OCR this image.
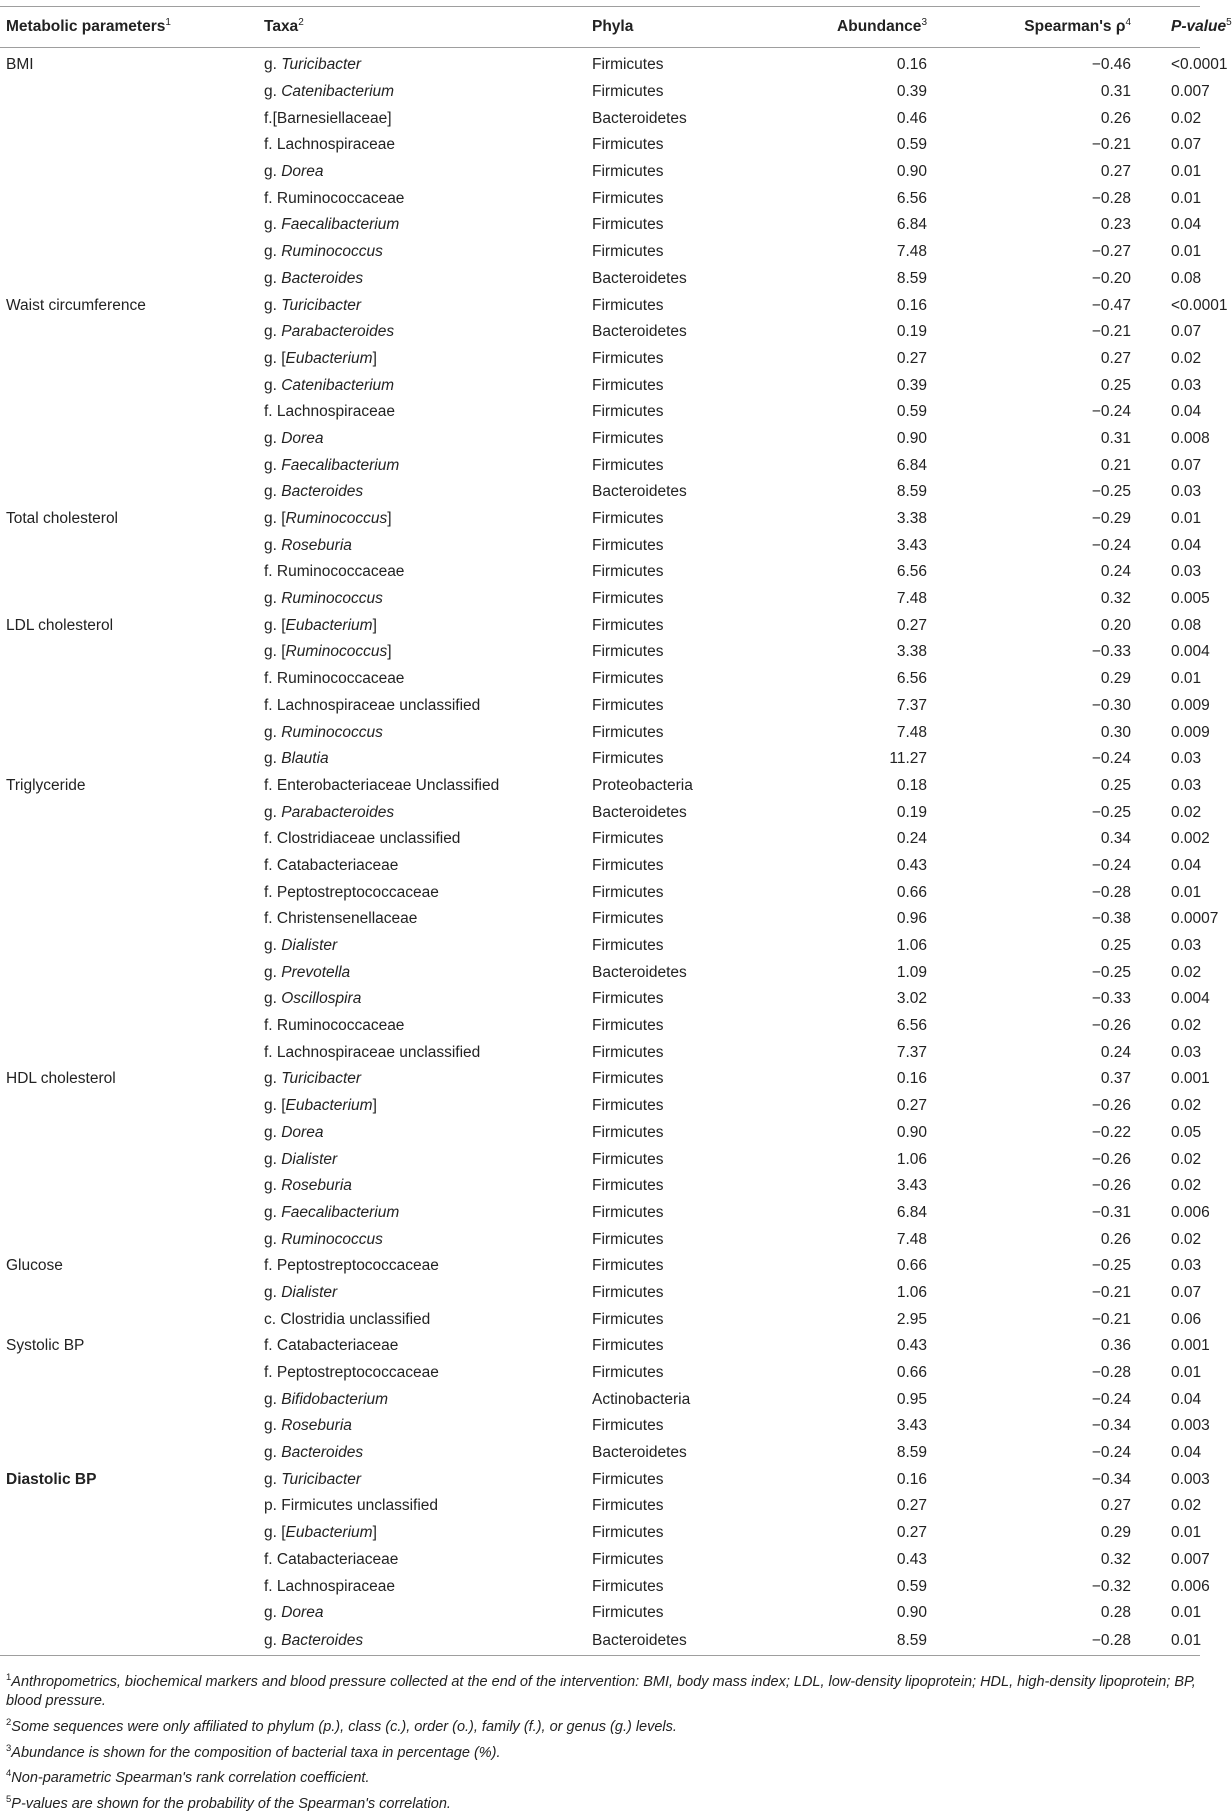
Metabolic parameters$^1$	Taxa$^2$	Phyla	Abundance$^3$	Spearman's $\rho^4$	P-value$^5$
BMI	g. Turicibacter	Firmicutes	0.16	−0.46	<0.0001
	g. Catenibacterium	Firmicutes	0.39	0.31	0.007
	f.[Barnesiellaceae]	Bacteroidetes	0.46	0.26	0.02
	f. Lachnospiraceae	Firmicutes	0.59	−0.21	0.07
	g. Dorea	Firmicutes	0.90	0.27	0.01
	f. Ruminococcaceae	Firmicutes	6.56	−0.28	0.01
	g. Faecalibacterium	Firmicutes	6.84	0.23	0.04
	g. Ruminococcus	Firmicutes	7.48	−0.27	0.01
	g. Bacteroides	Bacteroidetes	8.59	−0.20	0.08
Waist circumference	g. Turicibacter	Firmicutes	0.16	−0.47	<0.0001
	g. Parabacteroides	Bacteroidetes	0.19	−0.21	0.07
	g. [Eubacterium]	Firmicutes	0.27	0.27	0.02
	g. Catenibacterium	Firmicutes	0.39	0.25	0.03
	f. Lachnospiraceae	Firmicutes	0.59	−0.24	0.04
	g. Dorea	Firmicutes	0.90	0.31	0.008
	g. Faecalibacterium	Firmicutes	6.84	0.21	0.07
	g. Bacteroides	Bacteroidetes	8.59	−0.25	0.03
Total cholesterol	g. [Ruminococcus]	Firmicutes	3.38	−0.29	0.01
	g. Roseburia	Firmicutes	3.43	−0.24	0.04
	f. Ruminococcaceae	Firmicutes	6.56	0.24	0.03
	g. Ruminococcus	Firmicutes	7.48	0.32	0.005
LDL cholesterol	g. [Eubacterium]	Firmicutes	0.27	0.20	0.08
	g. [Ruminococcus]	Firmicutes	3.38	−0.33	0.004
	f. Ruminococcaceae	Firmicutes	6.56	0.29	0.01
	f. Lachnospiraceae unclassified	Firmicutes	7.37	−0.30	0.009
	g. Ruminococcus	Firmicutes	7.48	0.30	0.009
	g. Blautia	Firmicutes	11.27	−0.24	0.03
Triglyceride	f. Enterobacteriaceae Unclassified	Proteobacteria	0.18	0.25	0.03
	g. Parabacteroides	Bacteroidetes	0.19	−0.25	0.02
	f. Clostridiaceae unclassified	Firmicutes	0.24	0.34	0.002
	f. Catabacteriaceae	Firmicutes	0.43	−0.24	0.04
	f. Peptostreptococcaceae	Firmicutes	0.66	−0.28	0.01
	f. Christensenellaceae	Firmicutes	0.96	−0.38	0.0007
	g. Dialister	Firmicutes	1.06	0.25	0.03
	g. Prevotella	Bacteroidetes	1.09	−0.25	0.02
	g. Oscillospira	Firmicutes	3.02	−0.33	0.004
	f. Ruminococcaceae	Firmicutes	6.56	−0.26	0.02
	f. Lachnospiraceae unclassified	Firmicutes	7.37	0.24	0.03
HDL cholesterol	g. Turicibacter	Firmicutes	0.16	0.37	0.001
	g. [Eubacterium]	Firmicutes	0.27	−0.26	0.02
	g. Dorea	Firmicutes	0.90	−0.22	0.05
	g. Dialister	Firmicutes	1.06	−0.26	0.02
	g. Roseburia	Firmicutes	3.43	−0.26	0.02
	g. Faecalibacterium	Firmicutes	6.84	−0.31	0.006
	g. Ruminococcus	Firmicutes	7.48	0.26	0.02
Glucose	f. Peptostreptococcaceae	Firmicutes	0.66	−0.25	0.03
	g. Dialister	Firmicutes	1.06	−0.21	0.07
	c. Clostridia unclassified	Firmicutes	2.95	−0.21	0.06
Systolic BP	f. Catabacteriaceae	Firmicutes	0.43	0.36	0.001
	f. Peptostreptococcaceae	Firmicutes	0.66	−0.28	0.01
	g. Bifidobacterium	Actinobacteria	0.95	−0.24	0.04
	g. Roseburia	Firmicutes	3.43	−0.34	0.003
	g. Bacteroides	Bacteroidetes	8.59	−0.24	0.04
Diastolic BP	g. Turicibacter	Firmicutes	0.16	−0.34	0.003
	p. Firmicutes unclassified	Firmicutes	0.27	0.27	0.02
	g. [Eubacterium]	Firmicutes	0.27	0.29	0.01
	f. Catabacteriaceae	Firmicutes	0.43	0.32	0.007
	f. Lachnospiraceae	Firmicutes	0.59	−0.32	0.006
	g. Dorea	Firmicutes	0.90	0.28	0.01
	g. Bacteroides	Bacteroidetes	8.59	−0.28	0.01
$^1$Anthropometrics, biochemical markers and blood pressure collected at the end of the intervention: BMI, body mass index; LDL, low-density lipoprotein; HDL, high-density lipoprotein; BP, blood pressure.
$^2$Some sequences were only affiliated to phylum (p.), class (c.), order (o.), family (f.), or genus (g.) levels.
$^3$Abundance is shown for the composition of bacterial taxa in percentage (%).
$^4$Non-parametric Spearman's rank correlation coefficient.
$^5$P-values are shown for the probability of the Spearman's correlation.
